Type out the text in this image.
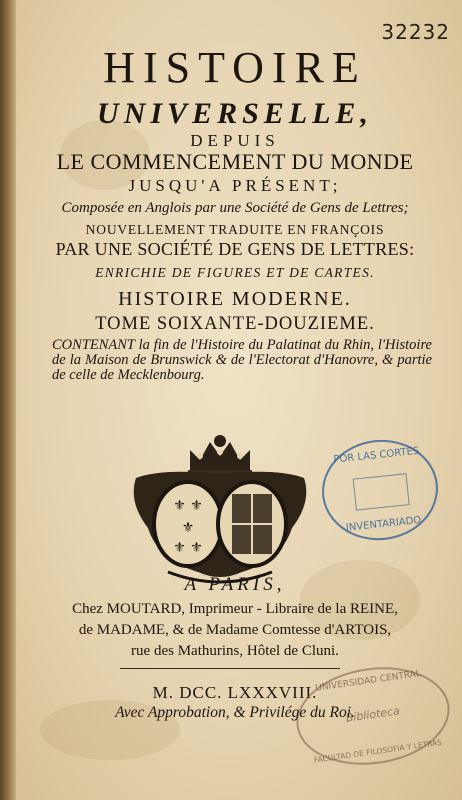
32232
HISTOIRE
UNIVERSELLE,
DEPUIS
LE COMMENCEMENT DU MONDE
JUSQU'A PRÉSENT;
Composée en Anglois par une Société de Gens de Lettres;
NOUVELLEMENT TRADUITE EN FRANÇOIS
PAR UNE SOCIÉTÉ DE GENS DE LETTRES:
ENRICHIE DE FIGURES ET DE CARTES.
HISTOIRE MODERNE.
TOME SOIXANTE-DOUZIEME.
CONTENANT la fin de l'Histoire du Palatinat du Rhin, l'Histoire de la Maison de Brunswick & de l'Electorat d'Hanovre, & partie de celle de Mecklenbourg.
⚜ ⚜
⚜
⚜ ⚜
POR LAS CORTES
INVENTARIADO
A PARIS,
Chez MOUTARD, Imprimeur - Libraire de la REINE,
de MADAME, & de Madame Comtesse d'ARTOIS,
rue des Mathurins, Hôtel de Cluni.
M. DCC. LXXXVIII.
Avec Approbation, & Privilége du Roi.
UNIVERSIDAD CENTRAL
Biblioteca
FACULTAD DE FILOSOFIA Y LETRAS
